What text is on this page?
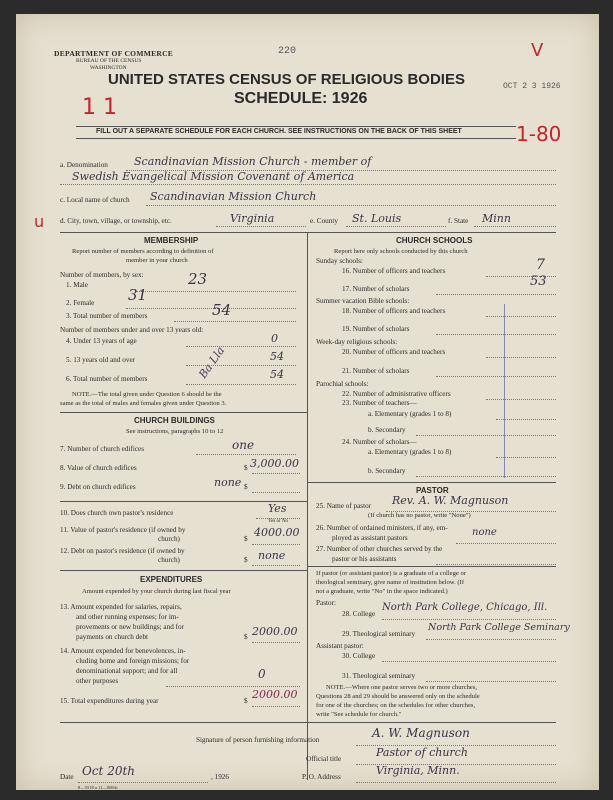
DEPARTMENT OF COMMERCE
BUREAU OF THE CENSUS
WASHINGTON
220	V
UNITED STATES CENSUS OF RELIGIOUS BODIES	OCT 2 3 1926
SCHEDULE: 1926
1 1
1-80
FILL OUT A SEPARATE SCHEDULE FOR EACH CHURCH. SEE INSTRUCTIONS ON THE BACK OF THIS SHEET
a. Denomination Scandinavian Mission Church - member of
Swedish Evangelical Mission Covenant of America
c. Local name of church Scandinavian Mission Church
u d. City, town, village, or township, etc.	Virginia	e. County St. Louis	f. State Minn
MEMBERSHIP
Report number of members according to definition of
member in your church
Number of members, by sex:
1. Male	23
2. Female 31
3. Total number of members	54
Number of members under and over 13 years old:
4. Under 13 years of age	0
5. 13 years old and over	54
6. Total number of members	54
Ba Lla
NOTE.—The total given under Question 6 should be the
same as the total of males and females given under Question 3.
CHURCH BUILDINGS
See instructions, paragraphs 10 to 12
7. Number of church edifices	one
8. Value of church edifices	$ 3,000.00
9. Debt on church edifices	$
none
10. Does church own pastor's residence	Yes
Yes or No
11. Value of pastor's residence (if owned by
church)	$ 4000.00
12. Debt on pastor's residence (if owned by
church)	$ none
EXPENDITURES
Amount expended by your church during last fiscal year
13. Amount expended for salaries, repairs,
and other running expenses; for im-
provements or new buildings; and for
payments on church debt	$ 2000.00
14. Amount expended for benevolences, in-
cluding home and foreign missions; for
denominational support; and for all
other purposes	0
15. Total expenditures during year	$ 2000.00
CHURCH SCHOOLS
Report here only schools conducted by this church
Sunday schools:
16. Number of officers and teachers	7
17. Number of scholars	53
Summer vacation Bible schools:
18. Number of officers and teachers
19. Number of scholars
Week-day religious schools:
20. Number of officers and teachers
21. Number of scholars
Parochial schools:
22. Number of administrative officers
23. Number of teachers—
a. Elementary (grades 1 to 8)
b. Secondary
24. Number of scholars—
a. Elementary (grades 1 to 8)
b. Secondary
PASTOR
25. Name of pastor Rev. A. W. Magnuson
(If church has no pastor, write "None")
26. Number of ordained ministers, if any, em-
ployed as assistant pastors	none
27. Number of other churches served by the
pastor or his assistants
If pastor (or assistant pastor) is a graduate of a college or
theological seminary, give name of institution below. (If
not a graduate, write "No" in the space indicated.)
Pastor:
28. College
North Park College, Chicago, Ill.
29. Theological seminary
North Park College Seminary
Assistant pastor:
30. College
31. Theological seminary
NOTE.—Where one pastor serves two or more churches,
Questions 28 and 29 should be answered only on the schedule
for one of the churches; on the schedules for other churches,
write "See schedule for church."
Signature of person furnishing information	A. W. Magnuson
Official title	Pastor of church
Date Oct 20th	, 1926
8—5518 a 11—0084c
P. O. Address	Virginia, Minn.
